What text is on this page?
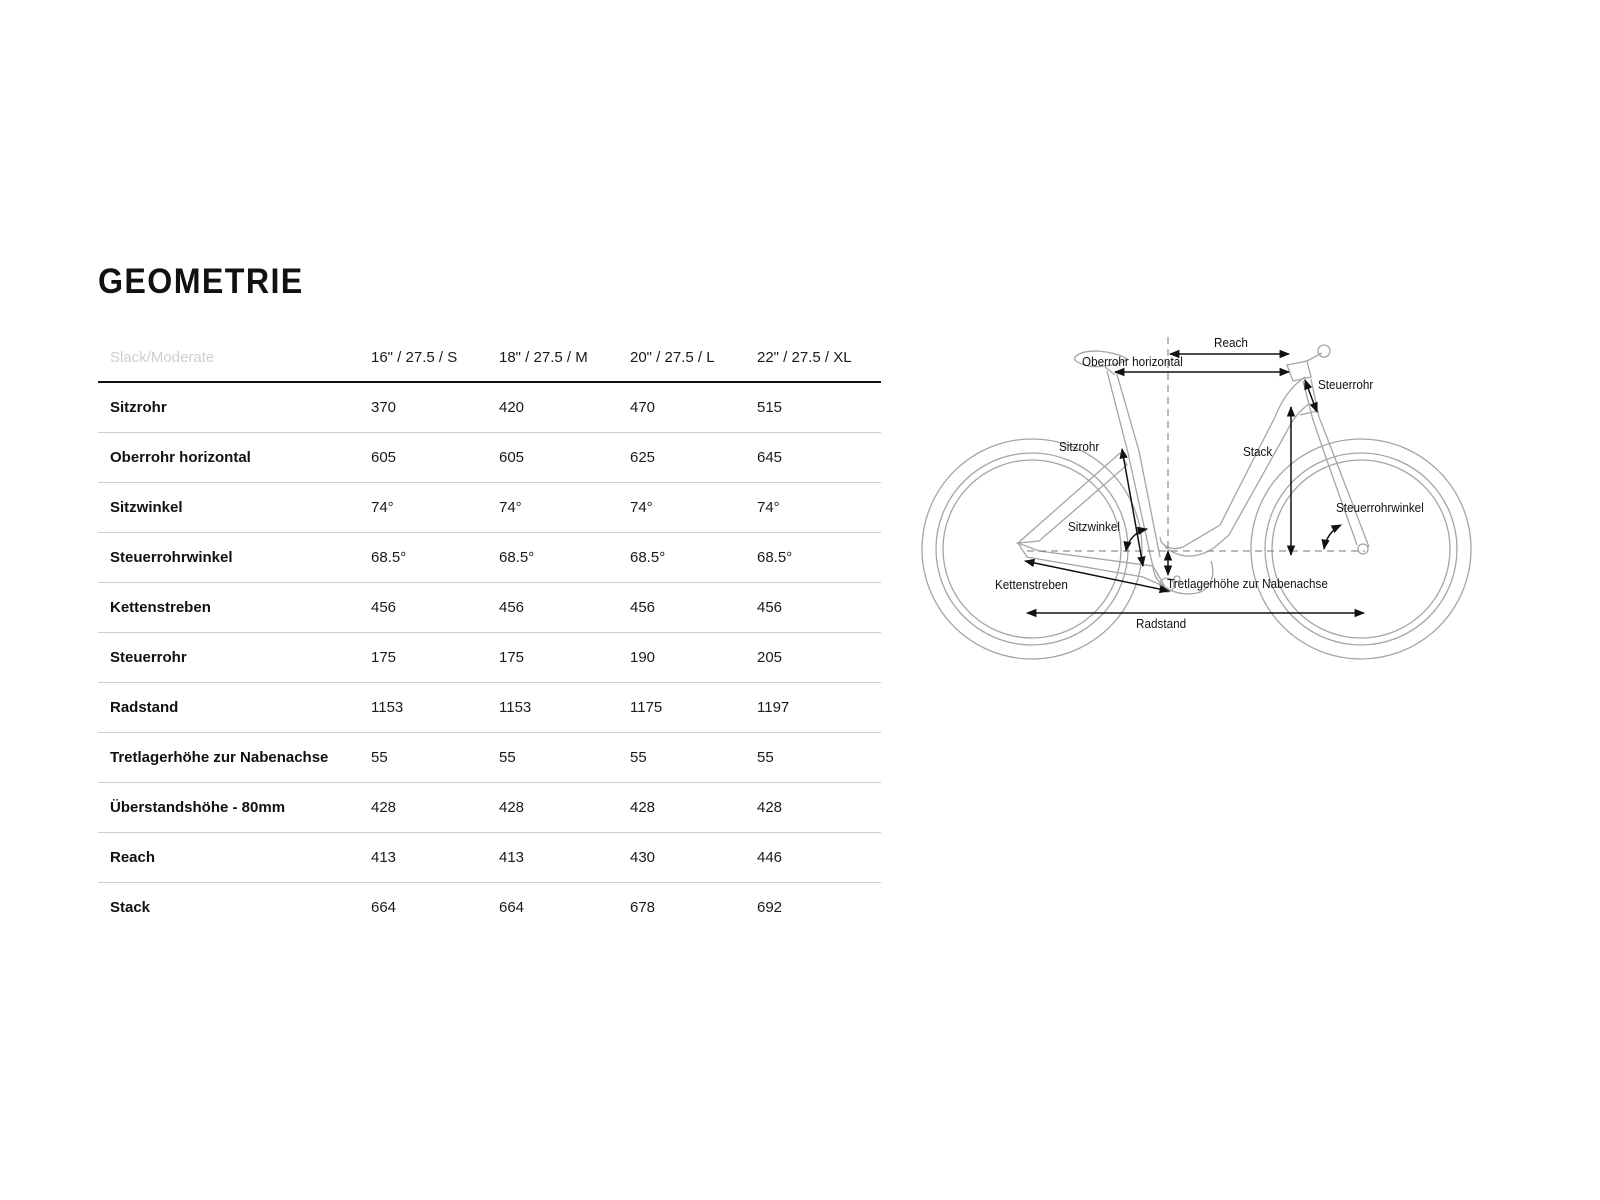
GEOMETRIE
Slack/Moderate	16" / 27.5 / S	18" / 27.5 / M	20" / 27.5 / L	22" / 27.5 / XL
Sitzrohr	370	420	470	515
Oberrohr horizontal	605	605	625	645
Sitzwinkel	74°	74°	74°	74°
Steuerrohrwinkel	68.5°	68.5°	68.5°	68.5°
Kettenstreben	456	456	456	456
Steuerrohr	175	175	190	205
Radstand	1153	1153	1175	1197
Tretlagerhöhe zur Nabenachse	55	55	55	55
Überstandshöhe - 80mm	428	428	428	428
Reach	413	413	430	446
Stack	664	664	678	692
Reach
Oberrohr horizontal
Steuerrohr
Sitzrohr	Stack
Sitzwinkel
Steuerrohrwinkel
Kettenstreben	Tretlagerhöhe zur Nabenachse
Radstand
